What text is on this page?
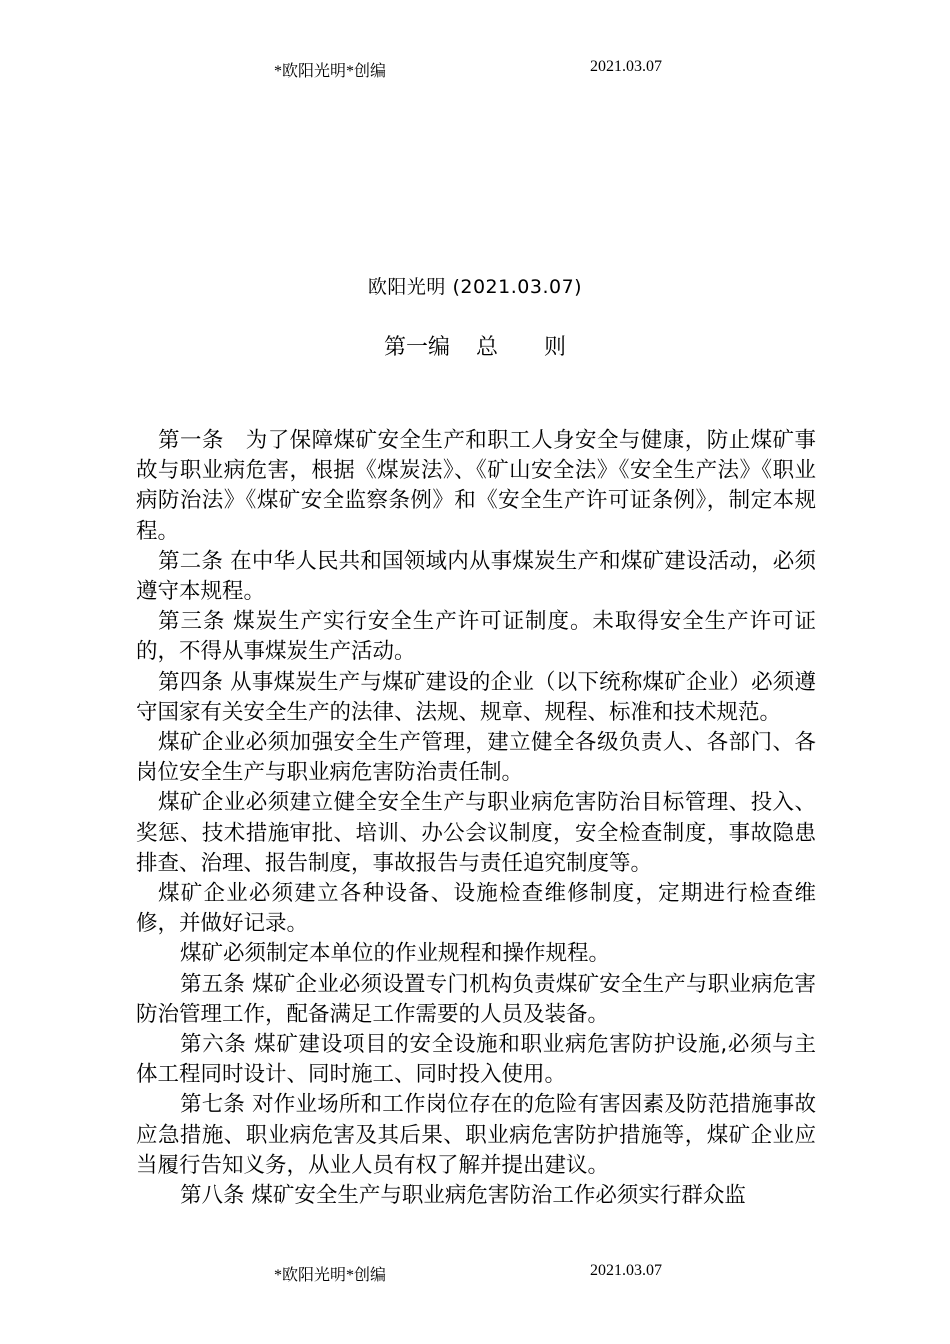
*欧阳光明*创编	2021.03.07
欧阳光明 (2021.03.07)
第一编 总 则

第一条　为了保障煤矿安全生产和职工人身安全与健康，防止煤矿事故与职业病危害，根据《煤炭法》、《矿山安全法》《安全生产法》《职业病防治法》《煤矿安全监察条例》和《安全生产许可证条例》，制定本规程。

第二条 在中华人民共和国领域内从事煤炭生产和煤矿建设活动，必须遵守本规程。

第三条 煤炭生产实行安全生产许可证制度。未取得安全生产许可证的，不得从事煤炭生产活动。

第四条 从事煤炭生产与煤矿建设的企业（以下统称煤矿企业）必须遵守国家有关安全生产的法律、法规、规章、规程、标准和技术规范。

煤矿企业必须加强安全生产管理，建立健全各级负责人、各部门、各岗位安全生产与职业病危害防治责任制。

煤矿企业必须建立健全安全生产与职业病危害防治目标管理、投入、奖惩、技术措施审批、培训、办公会议制度，安全检查制度，事故隐患排查、治理、报告制度，事故报告与责任追究制度等。

煤矿企业必须建立各种设备、设施检查维修制度，定期进行检查维修，并做好记录。

煤矿必须制定本单位的作业规程和操作规程。

第五条 煤矿企业必须设置专门机构负责煤矿安全生产与职业病危害防治管理工作，配备满足工作需要的人员及装备。

第六条 煤矿建设项目的安全设施和职业病危害防护设施,必须与主体工程同时设计、同时施工、同时投入使用。

第七条 对作业场所和工作岗位存在的危险有害因素及防范措施事故应急措施、职业病危害及其后果、职业病危害防护措施等，煤矿企业应当履行告知义务，从业人员有权了解并提出建议。

第八条 煤矿安全生产与职业病危害防治工作必须实行群众监

*欧阳光明*创编	2021.03.07
